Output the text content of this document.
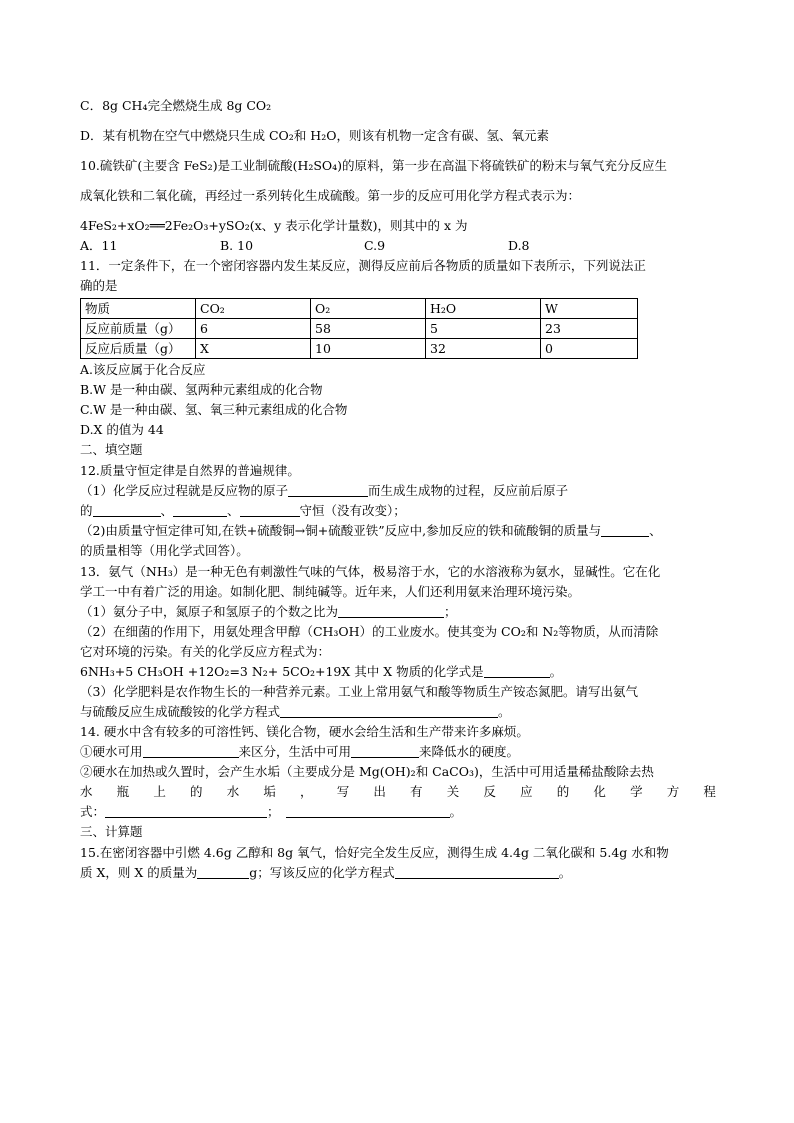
C．8g CH₄完全燃烧生成 8g CO₂
D．某有机物在空气中燃烧只生成 CO₂和 H₂O，则该有机物一定含有碳、氢、氧元素
10.硫铁矿(主要含 FeS₂)是工业制硫酸(H₂SO₄)的原料，第一步在高温下将硫铁矿的粉末与氧气充分反应生
成氧化铁和二氧化硫，再经过一系列转化生成硫酸。第一步的反应可用化学方程式表示为：
4FeS₂+xO₂══2Fe₂O₃+ySO₂(x、y 表示化学计量数)，则其中的 x 为
A．11	B. 10	C.9	D.8
11．一定条件下，在一个密闭容器内发生某反应，测得反应前后各物质的质量如下表所示，下列说法正
确的是
物质	CO₂	O₂	H₂O	W
反应前质量（g）	6	58	5	23
反应后质量（g）	X	10	32	0
A.该反应属于化合反应
B.W 是一种由碳、氢两种元素组成的化合物
C.W 是一种由碳、氢、氧三种元素组成的化合物
D.X 的值为 44
二、填空题
12.质量守恒定律是自然界的普遍规律。
（1）化学反应过程就是反应物的原子	而生成生成物的过程，反应前后原子
的	、	、	守恒（没有改变）；
（2)由质量守恒定律可知,在铁+硫酸铜→铜+硫酸亚铁”反应中,参加反应的铁和硫酸铜的质量与	、
的质量相等（用化学式回答）。
13．氨气（NH₃）是一种无色有刺激性气味的气体，极易溶于水，它的水溶液称为氨水，显碱性。它在化
学工一中有着广泛的用途。如制化肥、制纯碱等。近年来，人们还利用氨来治理环境污染。
（1）氨分子中，氮原子和氢原子的个数之比为	；
（2）在细菌的作用下，用氨处理含甲醇（CH₃OH）的工业废水。使其变为 CO₂和 N₂等物质，从而清除
它对环境的污染。有关的化学反应方程式为：
6NH₃+5 CH₃OH +12O₂=3 N₂+ 5CO₂+19X 其中 X 物质的化学式是	。
（3）化学肥料是农作物生长的一种营养元素。工业上常用氨气和酸等物质生产铵态氮肥。请写出氨气
与硫酸反应生成硫酸铵的化学方程式	。
14. 硬水中含有较多的可溶性钙、镁化合物，硬水会给生活和生产带来许多麻烦。
①硬水可用	来区分，生活中可用	来降低水的硬度。
②硬水在加热或久置时，会产生水垢（主要成分是 Mg(OH)₂和 CaCO₃)，生活中可用适量稀盐酸除去热
水 瓶 上 的 水 垢 ， 写 出 有 关 反 应 的 化 学 方 程
式：	；	。
三、计算题
15.在密闭容器中引燃 4.6g 乙醇和 8g 氧气，恰好完全发生反应，测得生成 4.4g 二氧化碳和 5.4g 水和物
质 X，则 X 的质量为	g；写该反应的化学方程式	。
